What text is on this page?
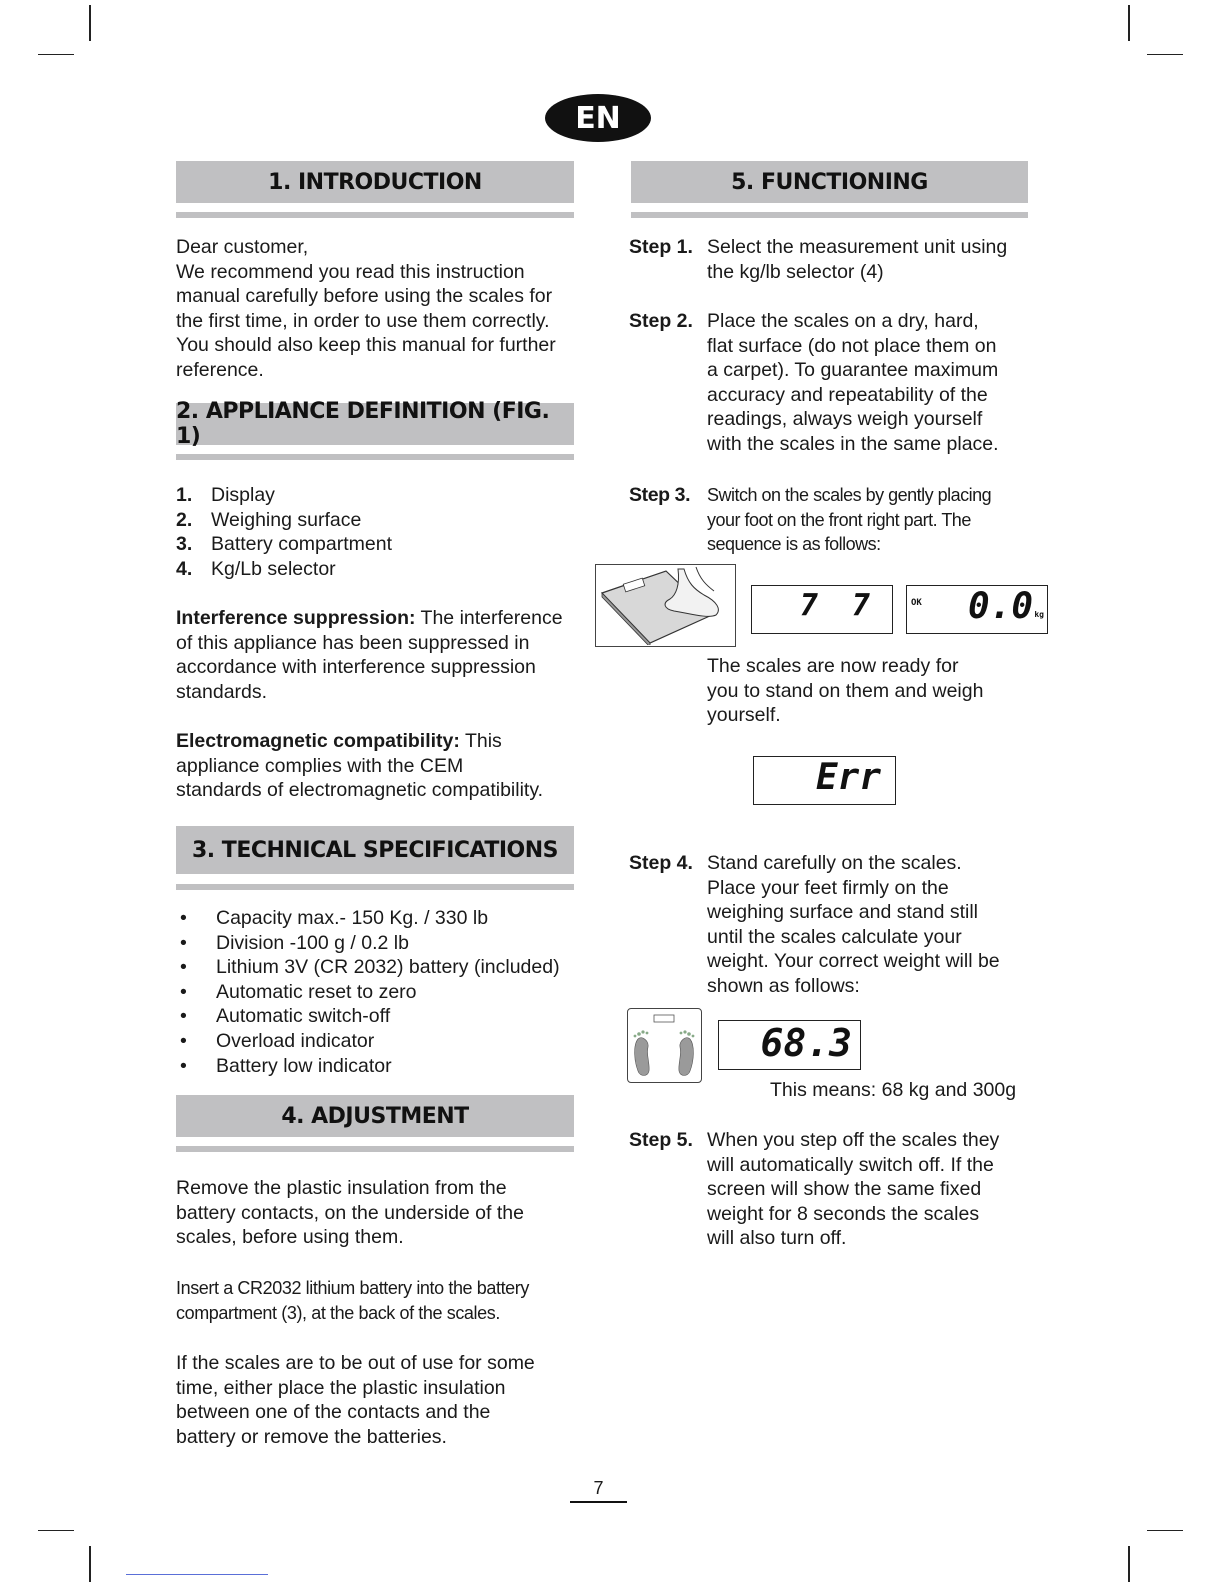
EN
1. INTRODUCTION

Dear customer,

We recommend you read this instruction

manual carefully before using the scales for

the first time, in order to use them correctly.

You should also keep this manual for further

reference.

2. APPLIANCE DEFINITION (FIG. 1)
1. Display
2. Weighing surface
3. Battery compartment
4. Kg/Lb selector

Interference suppression: The interference

of this appliance has been suppressed in

accordance with interference suppression

standards.

Electromagnetic compatibility: This

appliance complies with the CEM

standards of electromagnetic compatibility.

3. TECHNICAL SPECIFICATIONS
•	Capacity max.- 150 Kg. / 330 lb
•	Division -100 g / 0.2 lb
•	Lithium 3V (CR 2032) battery (included)
•	Automatic reset to zero
•	Automatic switch-off
•	Overload indicator
•	Battery low indicator
4. ADJUSTMENT

Remove the plastic insulation from the

battery contacts, on the underside of the

scales, before using them.

Insert a CR2032 lithium battery into the battery

compartment (3), at the back of the scales.

If the scales are to be out of use for some

time, either place the plastic insulation

between one of the contacts and the

battery or remove the batteries.

5. FUNCTIONING
Step 1. Select the measurement unit using
the kg/lb selector (4)
Step 2. Place the scales on a dry, hard,
flat surface (do not place them on
a carpet). To guarantee maximum
accuracy and repeatability of the
readings, always weigh yourself
with the scales in the same place.
Step 3. Switch on the scales by gently placing
your foot on the front right part. The
sequence is as follows:
7 7	OK 0.0 kg

The scales are now ready for

you to stand on them and weigh

yourself.

Err
Step 4. Stand carefully on the scales.
Place your feet firmly on the
weighing surface and stand still
until the scales calculate your
weight. Your correct weight will be
shown as follows:
68.3
This means: 68 kg and 300g
Step 5. When you step off the scales they
will automatically switch off. If the
screen will show the same fixed
weight for 8 seconds the scales
will also turn off.
7
